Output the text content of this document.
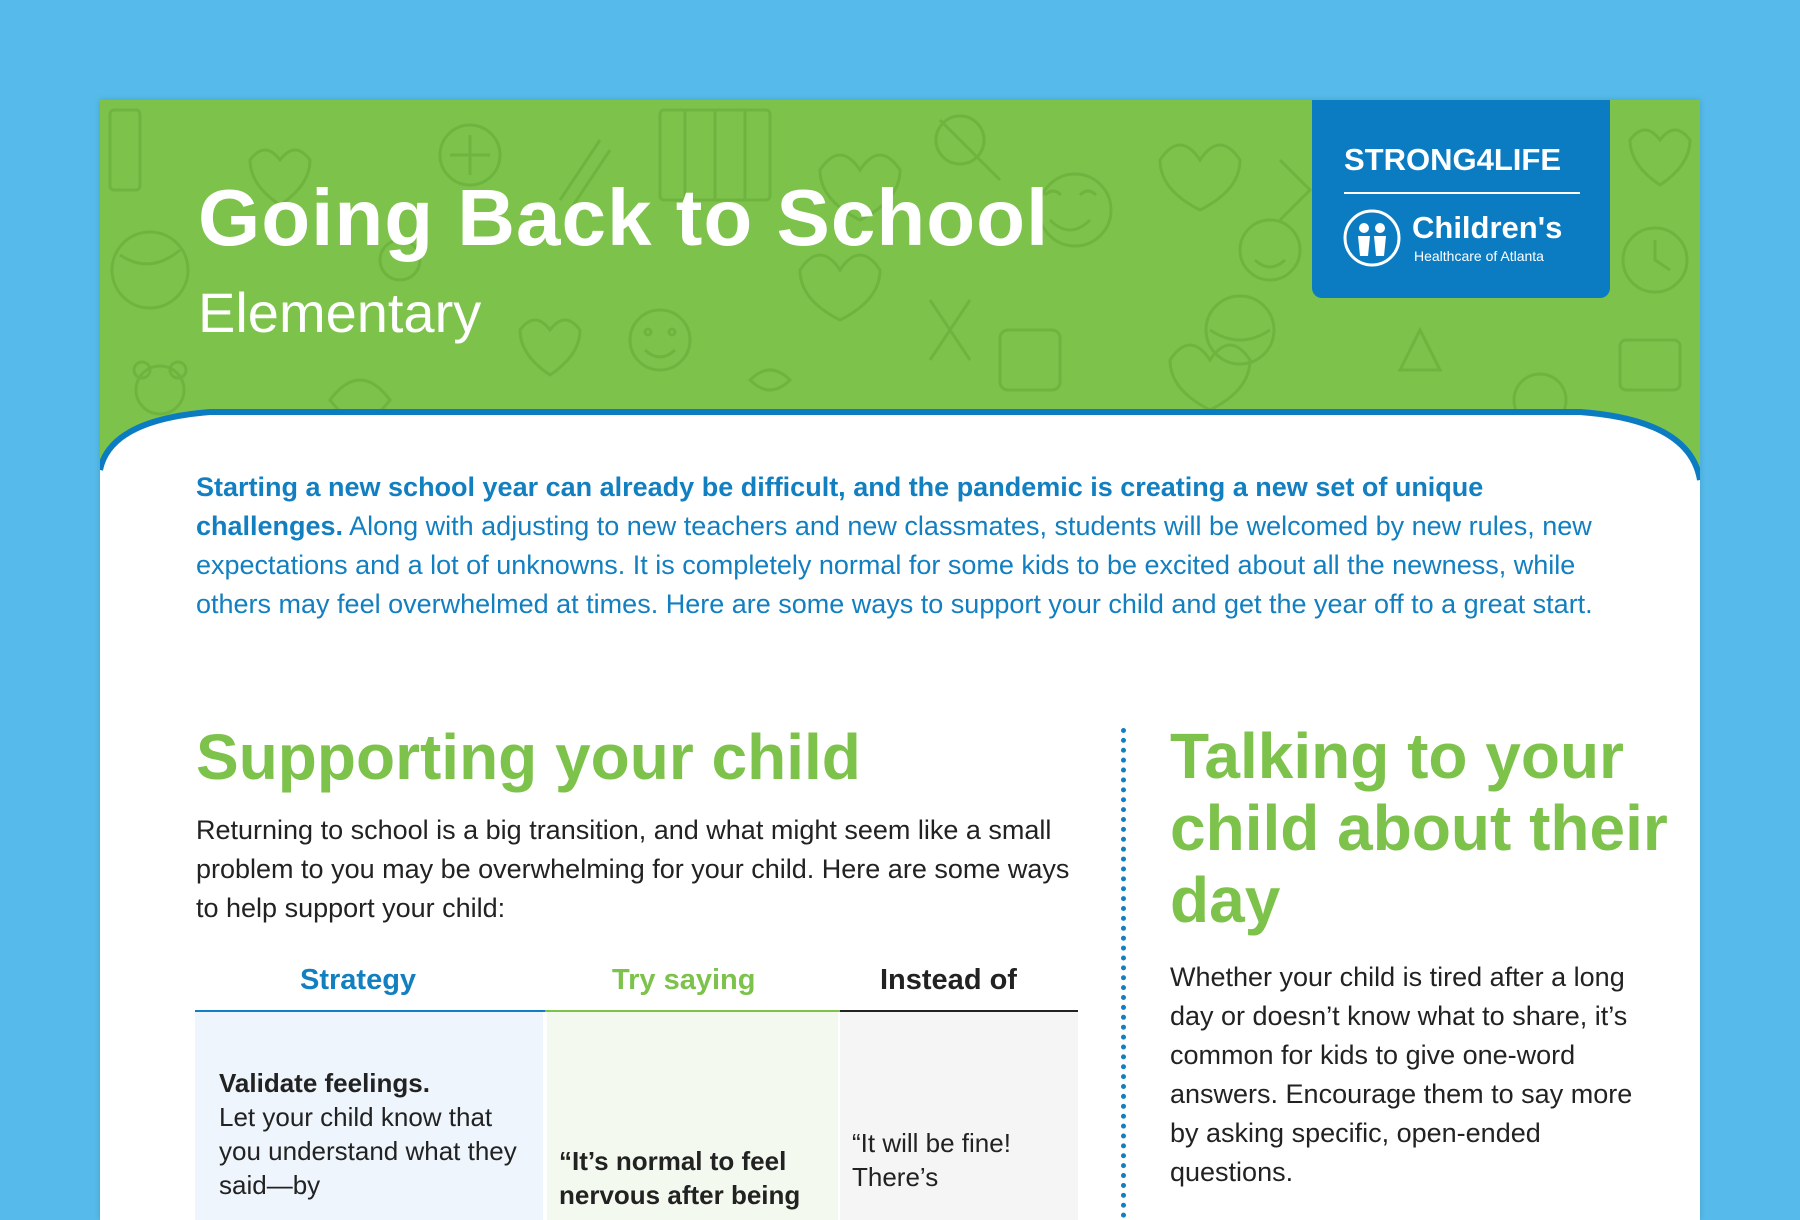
Going Back to School
Elementary
STRONG4LIFE
Children's
Healthcare of Atlanta
Starting a new school year can already be difficult, and the pandemic is creating a new set of unique challenges. Along with adjusting to new teachers and new classmates, students will be welcomed by new rules, new expectations and a lot of unknowns. It is completely normal for some kids to be excited about all the newness, while others may feel overwhelmed at times. Here are some ways to support your child and get the year off to a great start.
Supporting your child
Returning to school is a big transition, and what might seem like a small problem to you may be overwhelming for your child. Here are some ways to help support your child:
Strategy	Try saying	Instead of
Validate feelings.
Let your child know that you understand what they said—by
“It’s normal to feel nervous after being
“It will be fine! There’s
Talking to your child about their day
Whether your child is tired after a long day or doesn’t know what to share, it’s common for kids to give one-word answers. Encourage them to say more by asking specific, open-ended questions.
